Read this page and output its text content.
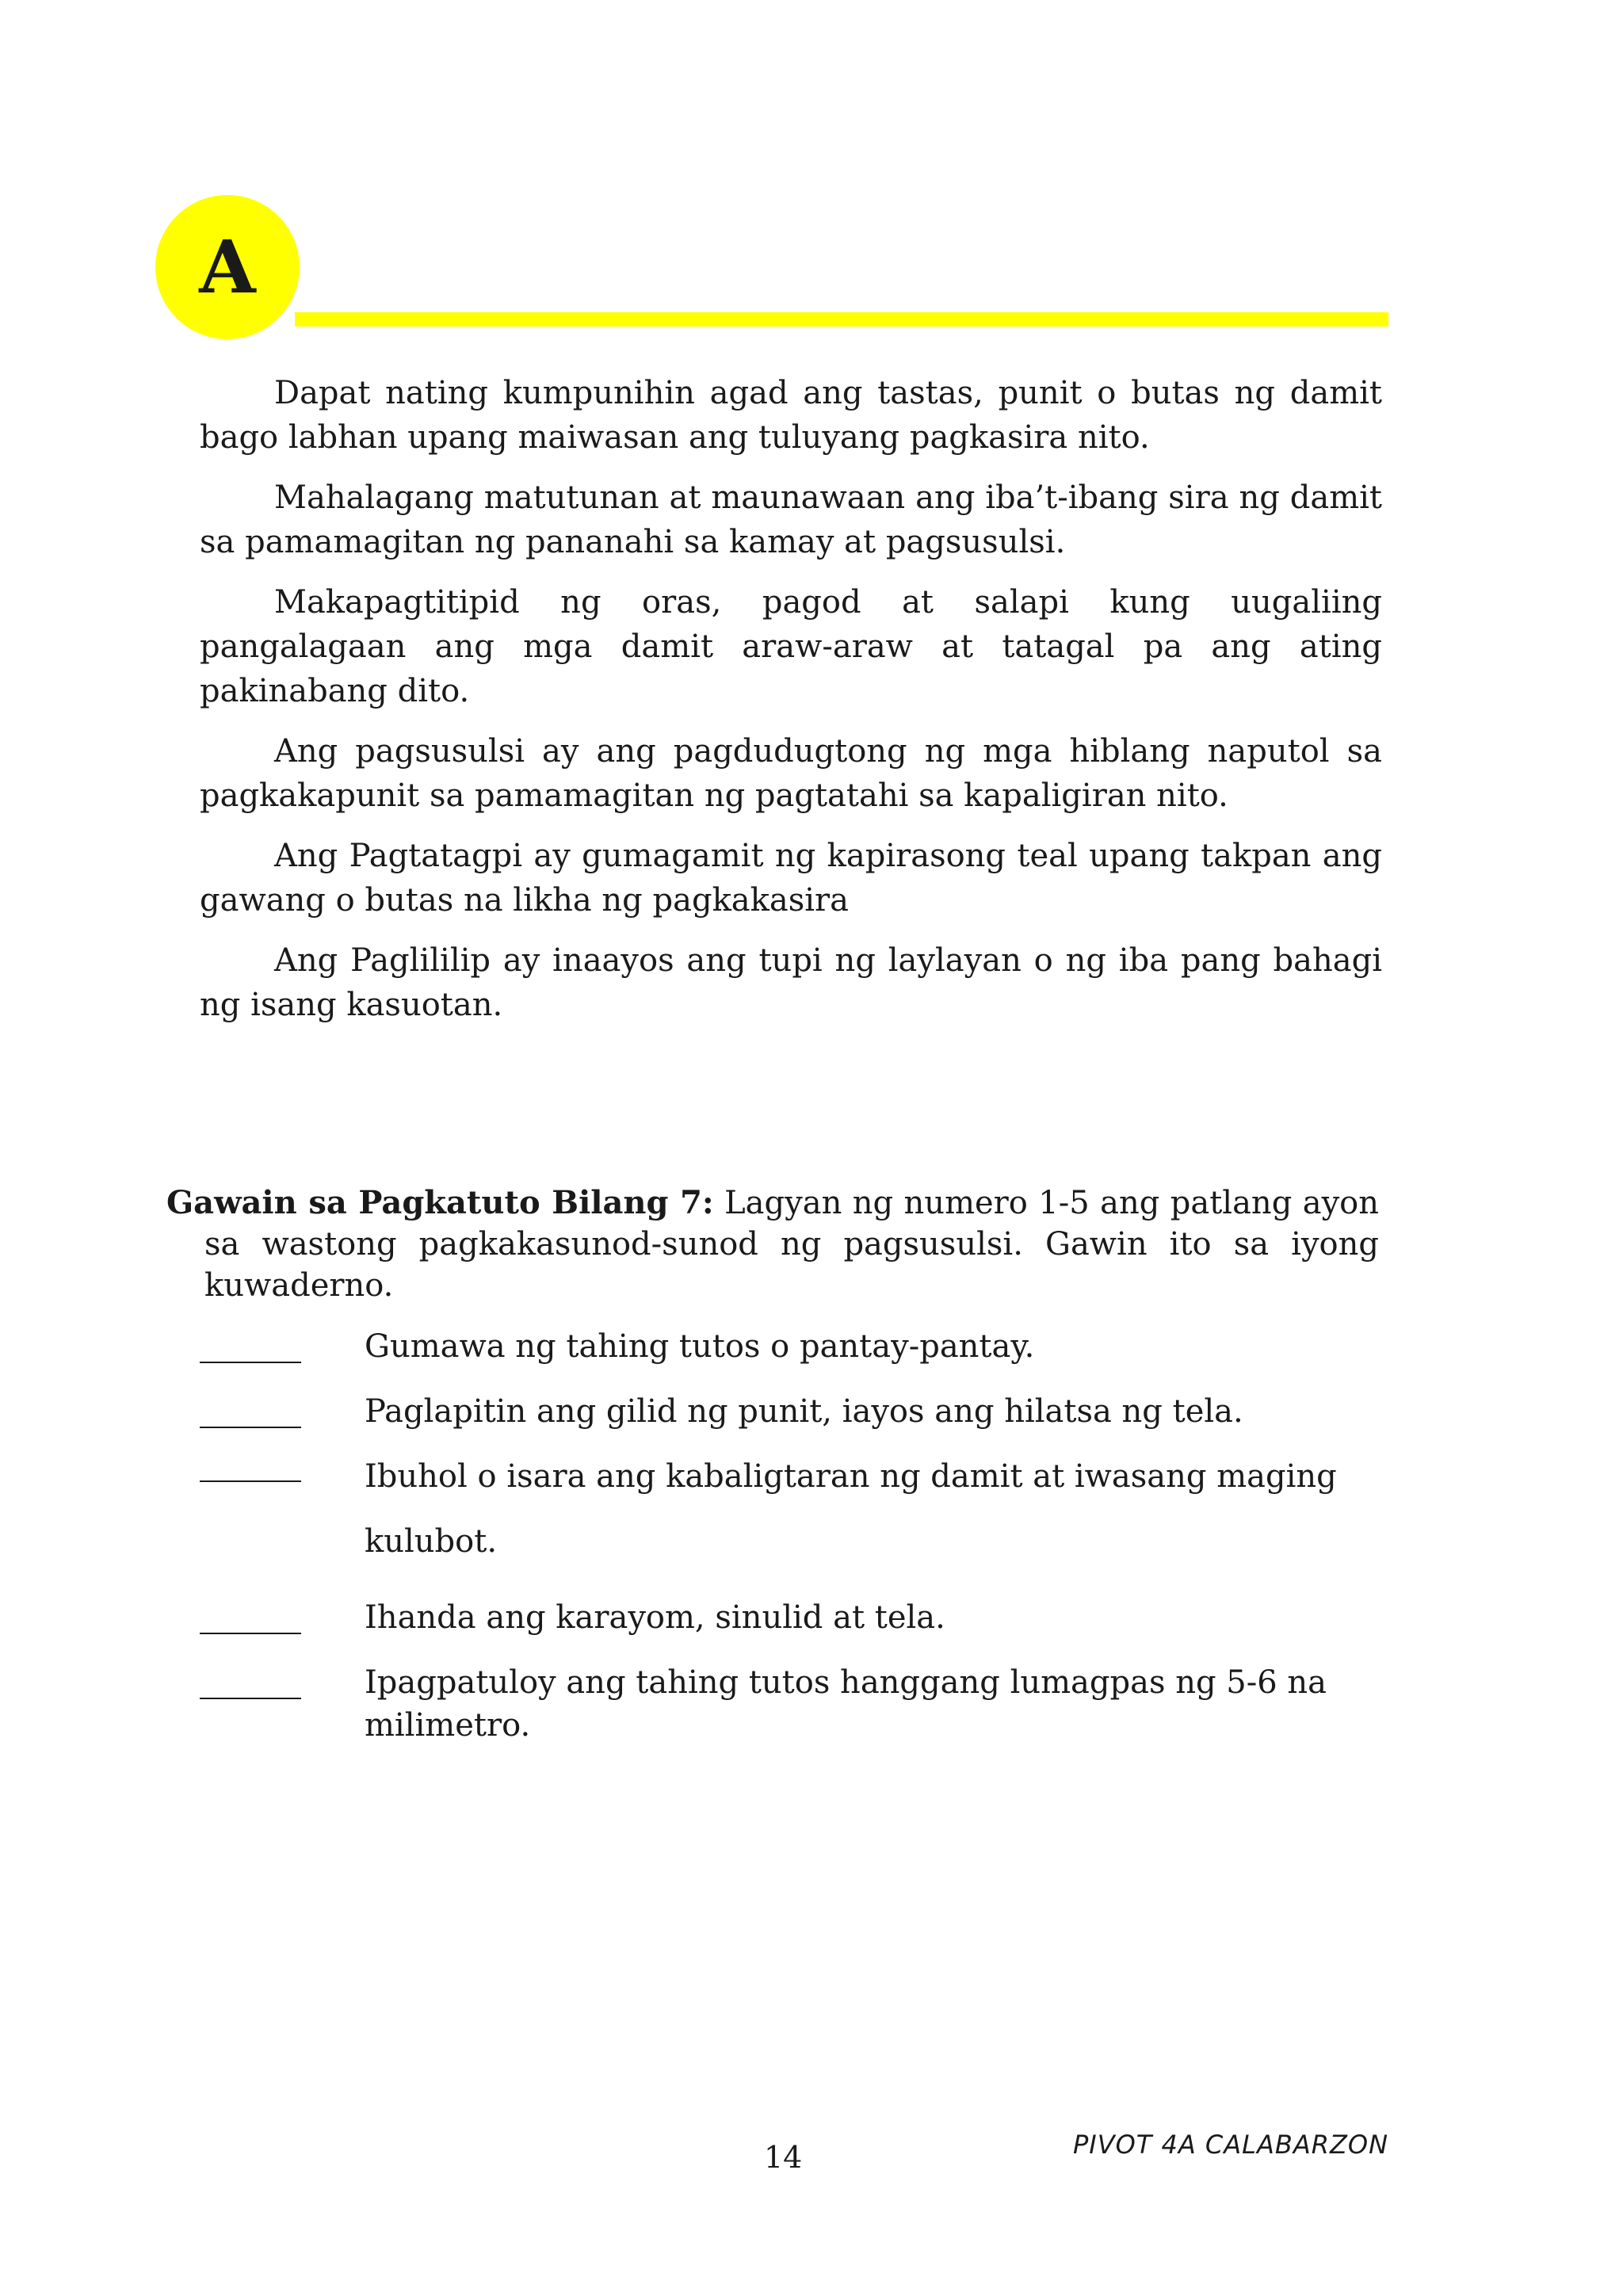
A

Dapat nating kumpunihin agad ang tastas, punit o butas ng damit bago labhan upang maiwasan ang tuluyang pagkasira nito.

Mahalagang matutunan at maunawaan ang iba’t-ibang sira ng damit sa pamamagitan ng pananahi sa kamay at pagsusulsi.

Makapagtitipid ng oras, pagod at salapi kung uugaliing pangalagaan ang mga damit araw-araw at tatagal pa ang ating pakinabang dito.

Ang pagsusulsi ay ang pagdudugtong ng mga hiblang naputol sa pagkakapunit sa pamamagitan ng pagtatahi sa kapaligiran nito.

Ang Pagtatagpi ay gumagamit ng kapirasong teal upang takpan ang gawang o butas na likha ng pagkakasira

Ang Paglililip ay inaayos ang tupi ng laylayan o ng iba pang bahagi ng isang kasuotan.

Gawain sa Pagkatuto Bilang 7: Lagyan ng numero 1-5 ang patlang ayon sa wastong pagkakasunod-sunod ng pagsusulsi. Gawin ito sa iyong kuwaderno.

Gumawa ng tahing tutos o pantay-pantay.
Paglapitin ang gilid ng punit, iayos ang hilatsa ng tela.
Ibuhol o isara ang kabaligtaran ng damit at iwasang maging kulubot.
Ihanda ang karayom, sinulid at tela.
Ipagpatuloy ang tahing tutos hanggang lumagpas ng 5-6 na milimetro.
14	PIVOT 4A CALABARZON
